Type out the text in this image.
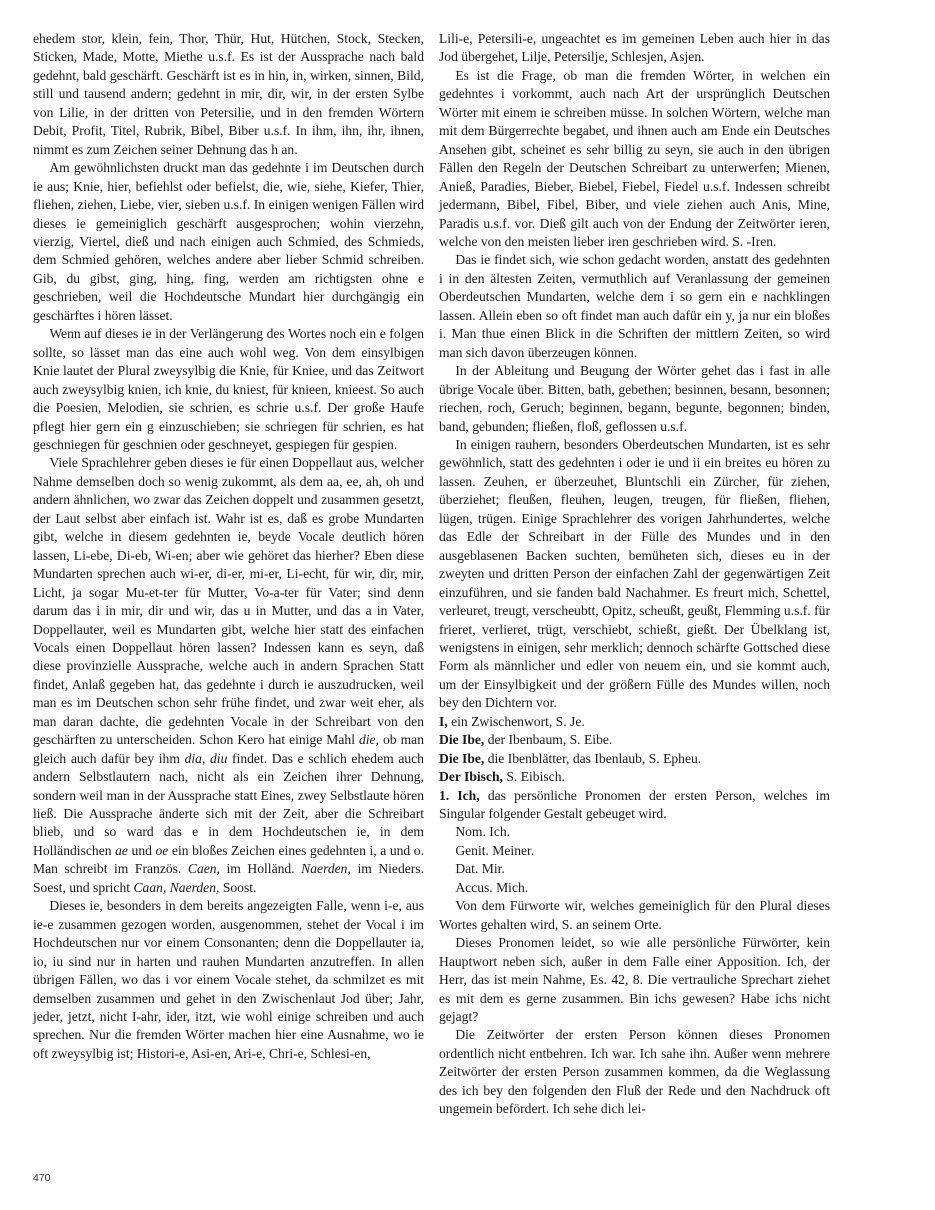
ehedem stor, klein, fein, Thor, Thür, Hut, Hütchen, Stock, Stecken, Sticken, Made, Motte, Miethe u.s.f. Es ist der Aussprache nach bald gedehnt, bald geschärft. Geschärft ist es in hin, in, wirken, sinnen, Bild, still und tausend andern; gedehnt in mir, dir, wir, in der ersten Sylbe von Lilie, in der dritten von Petersilie, und in den fremden Wörtern Debit, Profit, Titel, Rubrik, Bibel, Biber u.s.f. In ihm, ihn, ihr, ihnen, nimmt es zum Zeichen seiner Dehnung das h an.

Am gewöhnlichsten druckt man das gedehnte i im Deutschen durch ie aus; Knie, hier, befiehlst oder befielst, die, wie, siehe, Kiefer, Thier, fliehen, ziehen, Liebe, vier, sieben u.s.f. In einigen wenigen Fällen wird dieses ie gemeiniglich geschärft ausgesprochen; wohin vierzehn, vierzig, Viertel, dieß und nach einigen auch Schmied, des Schmieds, dem Schmied gehören, welches andere aber lieber Schmid schreiben. Gib, du gibst, ging, hing, fing, werden am richtigsten ohne e geschrieben, weil die Hochdeutsche Mundart hier durchgängig ein geschärftes i hören lässet.

Wenn auf dieses ie in der Verlängerung des Wortes noch ein e folgen sollte, so lässet man das eine auch wohl weg. Von dem einsylbigen Knie lautet der Plural zweysylbig die Knie, für Kniee, und das Zeitwort auch zweysylbig knien, ich knie, du kniest, für knieen, knieest. So auch die Poesien, Melodien, sie schrien, es schrie u.s.f. Der große Haufe pflegt hier gern ein g einzuschieben; sie schriegen für schrien, es hat geschniegen für geschnien oder geschneyet, gespiegen für gespien.

Viele Sprachlehrer geben dieses ie für einen Doppellaut aus, welcher Nahme demselben doch so wenig zukommt, als dem aa, ee, ah, oh und andern ähnlichen, wo zwar das Zeichen doppelt und zusammen gesetzt, der Laut selbst aber einfach ist. Wahr ist es, daß es grobe Mundarten gibt, welche in diesem gedehnten ie, beyde Vocale deutlich hören lassen, Li-ebe, Di-eb, Wi-en; aber wie gehöret das hierher? Eben diese Mundarten sprechen auch wi-er, di-er, mi-er, Li-echt, für wir, dir, mir, Licht, ja sogar Mu-et-ter für Mutter, Vo-a-ter für Vater; sind denn darum das i in mir, dir und wir, das u in Mutter, und das a in Vater, Doppellauter, weil es Mundarten gibt, welche hier statt des einfachen Vocals einen Doppellaut hören lassen? Indessen kann es seyn, daß diese provinzielle Aussprache, welche auch in andern Sprachen Statt findet, Anlaß gegeben hat, das gedehnte i durch ie auszudrucken, weil man es im Deutschen schon sehr frühe findet, und zwar weit eher, als man daran dachte, die gedehnten Vocale in der Schreibart von den geschärften zu unterscheiden. Schon Kero hat einige Mahl die, ob man gleich auch dafür bey ihm dia, diu findet. Das e schlich ehedem auch andern Selbstlautern nach, nicht als ein Zeichen ihrer Dehnung, sondern weil man in der Aussprache statt Eines, zwey Selbstlaute hören ließ. Die Aussprache änderte sich mit der Zeit, aber die Schreibart blieb, und so ward das e in dem Hochdeutschen ie, in dem Holländischen ae und oe ein bloßes Zeichen eines gedehnten i, a und o. Man schreibt im Französ. Caen, im Holländ. Naerden, im Nieders. Soest, und spricht Caan, Naerden, Soost.

Dieses ie, besonders in dem bereits angezeigten Falle, wenn i-e, aus ie-e zusammen gezogen worden, ausgenommen, stehet der Vocal i im Hochdeutschen nur vor einem Consonanten; denn die Doppellauter ia, io, iu sind nur in harten und rauhen Mundarten anzutreffen. In allen übrigen Fällen, wo das i vor einem Vocale stehet, da schmilzet es mit demselben zusammen und gehet in den Zwischenlaut Jod über; Jahr, jeder, jetzt, nicht I-ahr, ider, itzt, wie wohl einige schreiben und auch sprechen. Nur die fremden Wörter machen hier eine Ausnahme, wo ie oft zweysylbig ist; Histori-e, Asi-en, Ari-e, Chri-e, Schlesi-en,

Lili-e, Petersili-e, ungeachtet es im gemeinen Leben auch hier in das Jod übergehet, Lilje, Petersilje, Schlesjen, Asjen.

Es ist die Frage, ob man die fremden Wörter, in welchen ein gedehntes i vorkommt, auch nach Art der ursprünglich Deutschen Wörter mit einem ie schreiben müsse. In solchen Wörtern, welche man mit dem Bürgerrechte begabet, und ihnen auch am Ende ein Deutsches Ansehen gibt, scheinet es sehr billig zu seyn, sie auch in den übrigen Fällen den Regeln der Deutschen Schreibart zu unterwerfen; Mienen, Anieß, Paradies, Bieber, Biebel, Fiebel, Fiedel u.s.f. Indessen schreibt jedermann, Bibel, Fibel, Biber, und viele ziehen auch Anis, Mine, Paradis u.s.f. vor. Dieß gilt auch von der Endung der Zeitwörter ieren, welche von den meisten lieber iren geschrieben wird. S. -Iren.

Das ie findet sich, wie schon gedacht worden, anstatt des gedehnten i in den ältesten Zeiten, vermuthlich auf Veranlassung der gemeinen Oberdeutschen Mundarten, welche dem i so gern ein e nachklingen lassen. Allein eben so oft findet man auch dafür ein y, ja nur ein bloßes i. Man thue einen Blick in die Schriften der mittlern Zeiten, so wird man sich davon überzeugen können.

In der Ableitung und Beugung der Wörter gehet das i fast in alle übrige Vocale über. Bitten, bath, gebethen; besinnen, besann, besonnen; riechen, roch, Geruch; beginnen, begann, begunte, begonnen; binden, band, gebunden; fließen, floß, geflossen u.s.f.

In einigen rauhern, besonders Oberdeutschen Mundarten, ist es sehr gewöhnlich, statt des gedehnten i oder ie und ii ein breites eu hören zu lassen. Zeuhen, er überzeuhet, Bluntschli ein Zürcher, für ziehen, überziehet; fleußen, fleuhen, leugen, treugen, für fließen, fliehen, lügen, trügen. Einige Sprachlehrer des vorigen Jahrhundertes, welche das Edle der Schreibart in der Fülle des Mundes und in den ausgeblasenen Backen suchten, bemüheten sich, dieses eu in der zweyten und dritten Person der einfachen Zahl der gegenwärtigen Zeit einzuführen, und sie fanden bald Nachahmer. Es freurt mich, Schettel, verleuret, treugt, verscheubtt, Opitz, scheußt, geußt, Flemming u.s.f. für frieret, verlieret, trügt, verschiebt, schießt, gießt. Der Übelklang ist, wenigstens in einigen, sehr merklich; dennoch schärfte Gottsched diese Form als männlicher und edler von neuem ein, und sie kommt auch, um der Einsylbigkeit und der größern Fülle des Mundes willen, noch bey den Dichtern vor.

I, ein Zwischenwort, S. Je.

Die Ibe, der Ibenbaum, S. Eibe.

Die Ibe, die Ibenblätter, das Ibenlaub, S. Epheu.

Der Ibisch, S. Eibisch.

1. Ich, das persönliche Pronomen der ersten Person, welches im Singular folgender Gestalt gebeuget wird.

Nom. Ich.

Genit. Meiner.

Dat. Mir.

Accus. Mich.

Von dem Fürworte wir, welches gemeiniglich für den Plural dieses Wortes gehalten wird, S. an seinem Orte.

Dieses Pronomen leidet, so wie alle persönliche Fürwörter, kein Hauptwort neben sich, außer in dem Falle einer Apposition. Ich, der Herr, das ist mein Nahme, Es. 42, 8. Die vertrauliche Sprechart ziehet es mit dem es gerne zusammen. Bin ichs gewesen? Habe ichs nicht gejagt?

Die Zeitwörter der ersten Person können dieses Pronomen ordentlich nicht entbehren. Ich war. Ich sahe ihn. Außer wenn mehrere Zeitwörter der ersten Person zusammen kommen, da die Weglassung des ich bey den folgenden den Fluß der Rede und den Nachdruck oft ungemein befördert. Ich sehe dich lei-

470
